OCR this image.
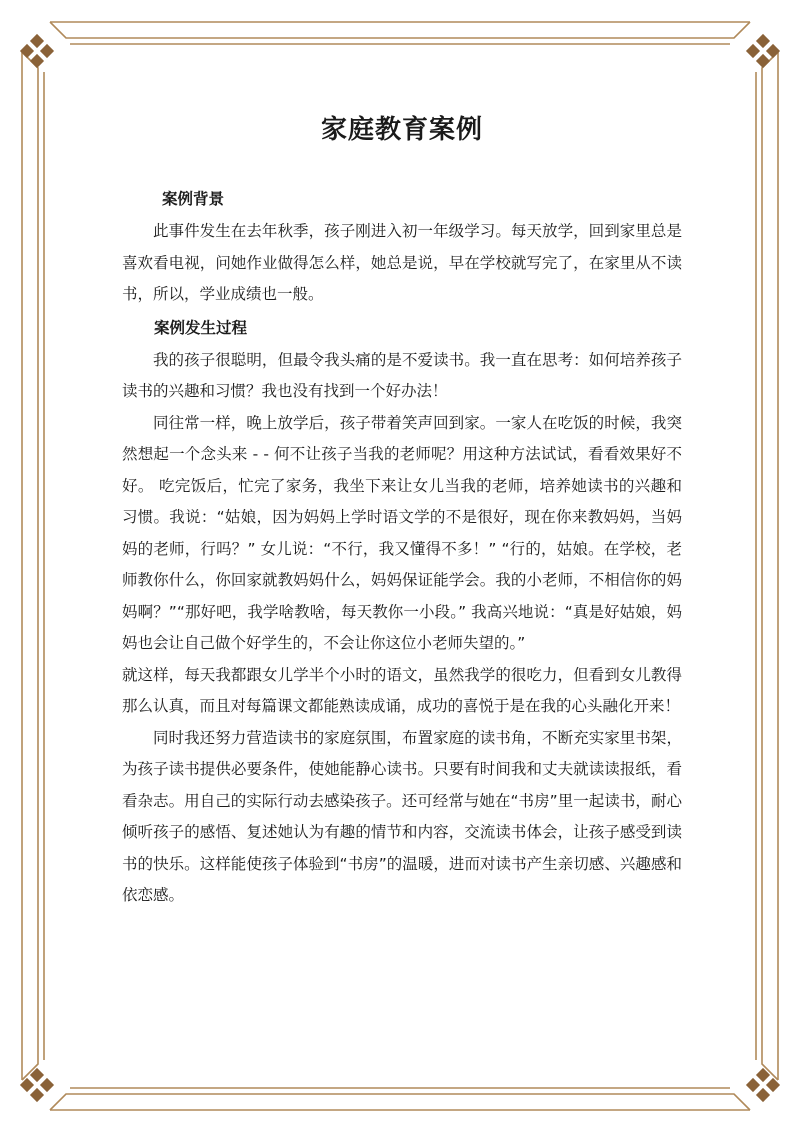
家庭教育案例

案例背景

此事件发生在去年秋季，孩子刚进入初一年级学习。每天放学，回到家里总是喜欢看电视，问她作业做得怎么样，她总是说，早在学校就写完了，在家里从不读书，所以，学业成绩也一般。

案例发生过程

我的孩子很聪明，但最令我头痛的是不爱读书。我一直在思考：如何培养孩子读书的兴趣和习惯？我也没有找到一个好办法！

同往常一样，晚上放学后，孩子带着笑声回到家。一家人在吃饭的时候，我突然想起一个念头来 - - 何不让孩子当我的老师呢？用这种方法试试，看看效果好不好。 吃完饭后，忙完了家务，我坐下来让女儿当我的老师，培养她读书的兴趣和习惯。我说：“姑娘，因为妈妈上学时语文学的不是很好，现在你来教妈妈，当妈妈的老师，行吗？” 女儿说：“不行，我又懂得不多！” “行的，姑娘。在学校，老师教你什么，你回家就教妈妈什么，妈妈保证能学会。我的小老师，不相信你的妈妈啊？”“那好吧，我学啥教啥，每天教你一小段。” 我高兴地说：“真是好姑娘，妈妈也会让自己做个好学生的，不会让你这位小老师失望的。”

就这样，每天我都跟女儿学半个小时的语文，虽然我学的很吃力，但看到女儿教得那么认真，而且对每篇课文都能熟读成诵，成功的喜悦于是在我的心头融化开来！

同时我还努力营造读书的家庭氛围，布置家庭的读书角，不断充实家里书架，为孩子读书提供必要条件，使她能静心读书。只要有时间我和丈夫就读读报纸，看看杂志。用自己的实际行动去感染孩子。还可经常与她在“书房”里一起读书，耐心倾听孩子的感悟、复述她认为有趣的情节和内容，交流读书体会，让孩子感受到读书的快乐。这样能使孩子体验到“书房”的温暖，进而对读书产生亲切感、兴趣感和依恋感。
